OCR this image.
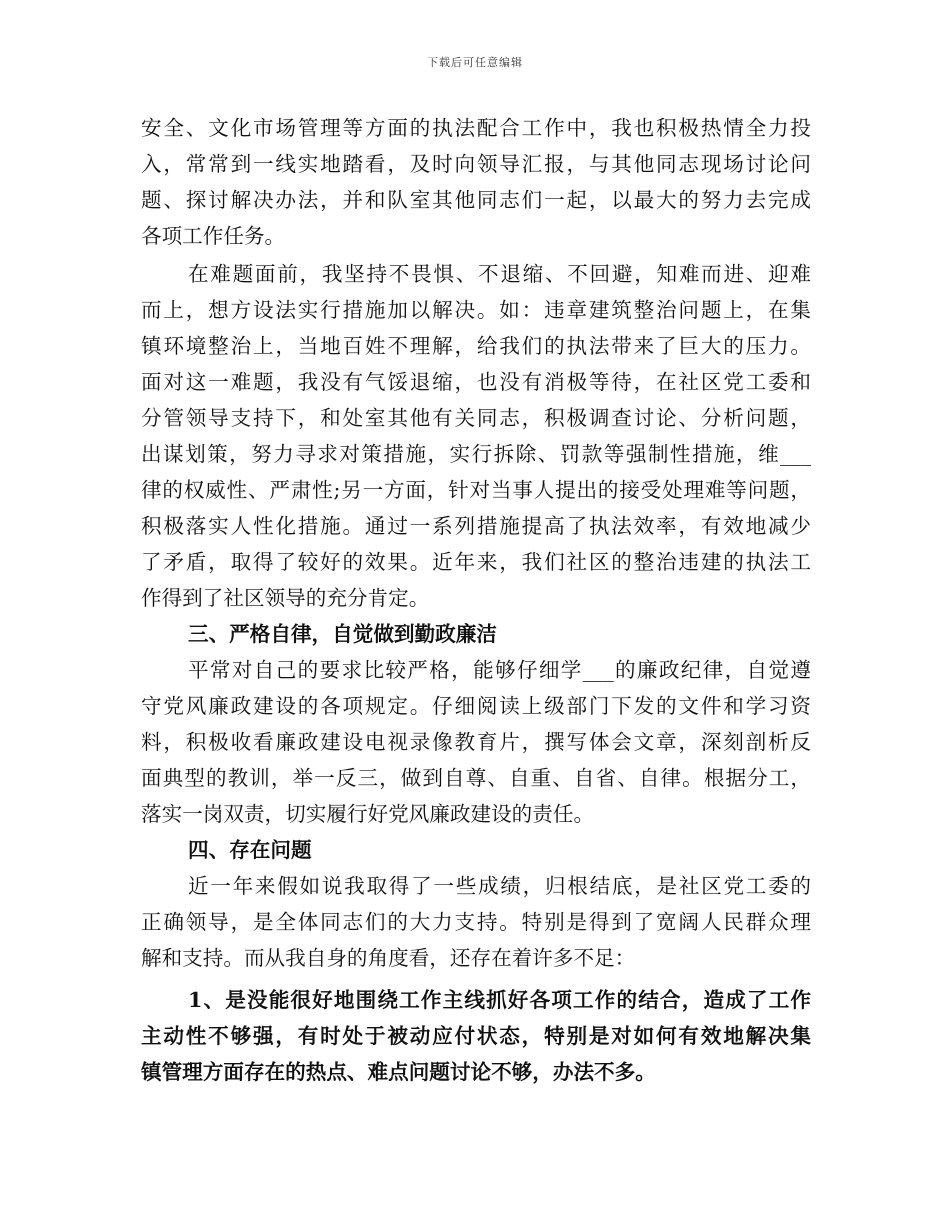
下载后可任意编辑
安全、文化市场管理等方面的执法配合工作中，我也积极热情全力投
入，常常到一线实地踏看，及时向领导汇报，与其他同志现场讨论问
题、探讨解决办法，并和队室其他同志们一起，以最大的努力去完成
各项工作任务。
在难题面前，我坚持不畏惧、不退缩、不回避，知难而进、迎难
而上，想方设法实行措施加以解决。如：违章建筑整治问题上，在集
镇环境整治上，当地百姓不理解，给我们的执法带来了巨大的压力。
面对这一难题，我没有气馁退缩，也没有消极等待，在社区党工委和
分管领导支持下，和处室其他有关同志，积极调查讨论、分析问题，
出谋划策，努力寻求对策措施，实行拆除、罚款等强制性措施，维___
律的权威性、严肃性;另一方面，针对当事人提出的接受处理难等问题，
积极落实人性化措施。通过一系列措施提高了执法效率，有效地减少
了矛盾，取得了较好的效果。近年来，我们社区的整治违建的执法工
作得到了社区领导的充分肯定。
三、严格自律，自觉做到勤政廉洁
平常对自己的要求比较严格，能够仔细学___的廉政纪律，自觉遵
守党风廉政建设的各项规定。仔细阅读上级部门下发的文件和学习资
料，积极收看廉政建设电视录像教育片，撰写体会文章，深刻剖析反
面典型的教训，举一反三，做到自尊、自重、自省、自律。根据分工，
落实一岗双责，切实履行好党风廉政建设的责任。
四、存在问题
近一年来假如说我取得了一些成绩，归根结底，是社区党工委的
正确领导，是全体同志们的大力支持。特别是得到了宽阔人民群众理
解和支持。而从我自身的角度看，还存在着许多不足：
1、是没能很好地围绕工作主线抓好各项工作的结合，造成了工作
主动性不够强，有时处于被动应付状态，特别是对如何有效地解决集
镇管理方面存在的热点、难点问题讨论不够，办法不多。
